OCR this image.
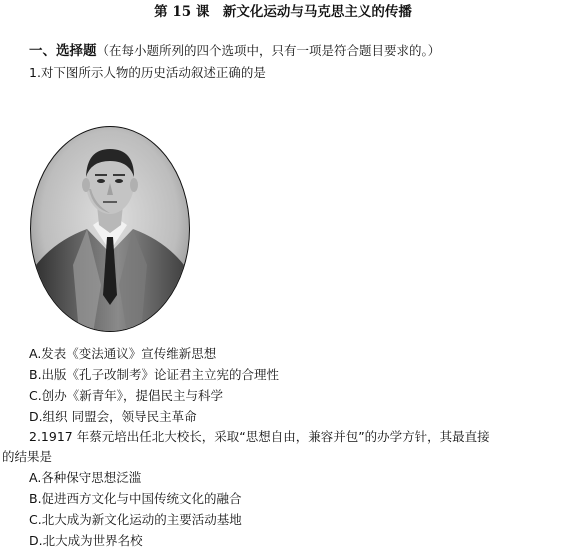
第 15 课　新文化运动与马克思主义的传播
一、选择题（在每小题所列的四个选项中，只有一项是符合题目要求的。）
1.对下图所示人物的历史活动叙述正确的是
A.发表《变法通议》宣传维新思想
B.出版《孔子改制考》论证君主立宪的合理性
C.创办《新青年》，提倡民主与科学
D.组织 同盟会，领导民主革命
2.1917 年蔡元培出任北大校长，采取“思想自由，兼容并包”的办学方针，其最直接
的结果是
A.各种保守思想泛滥
B.促进西方文化与中国传统文化的融合
C.北大成为新文化运动的主要活动基地
D.北大成为世界名校
